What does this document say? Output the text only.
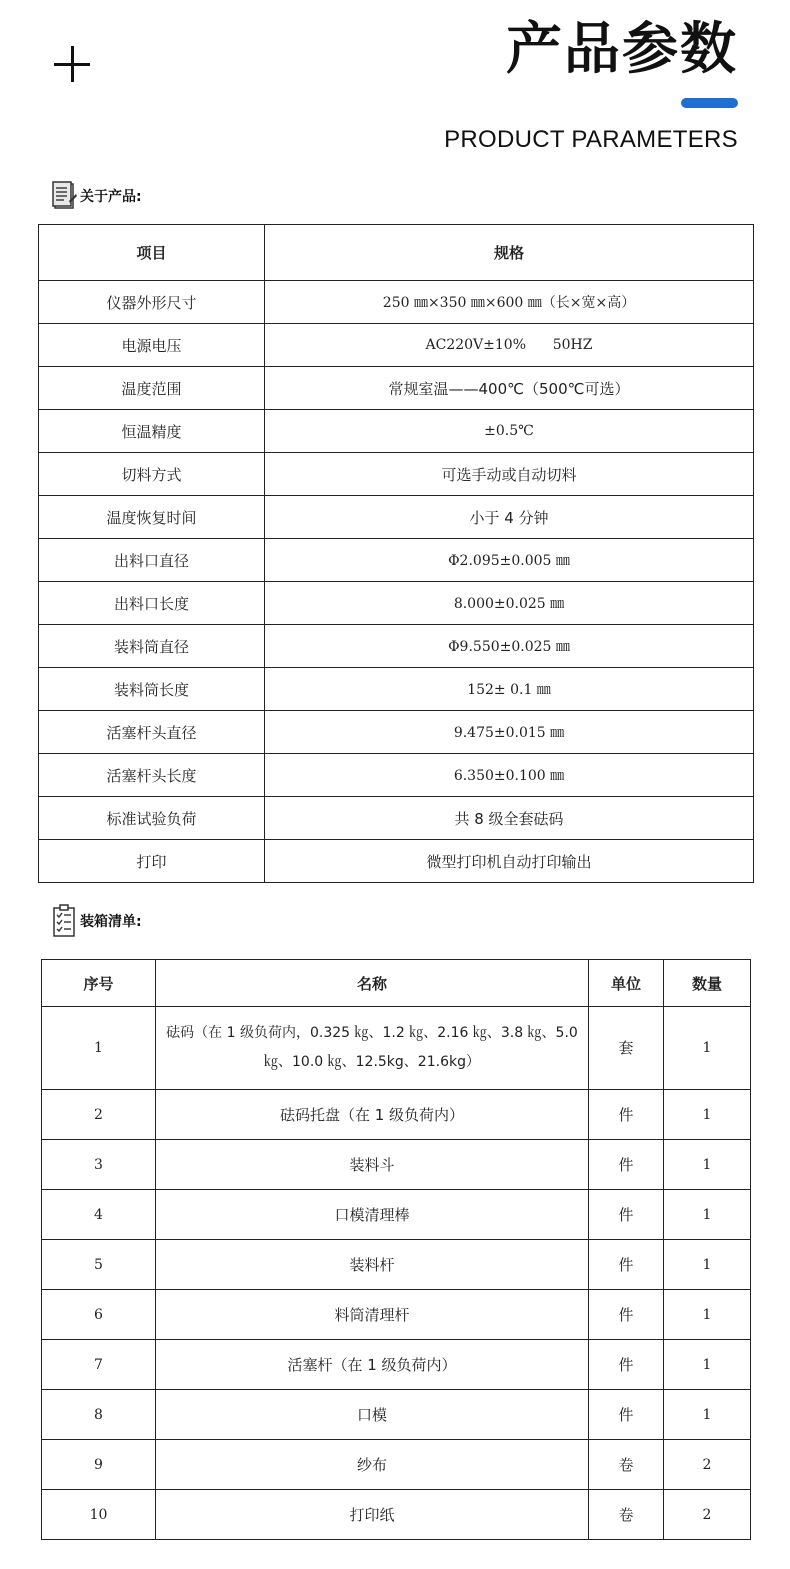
产品参数

PRODUCT PARAMETERS

关于产品:
项目	规格
仪器外形尺寸	250 ㎜×350 ㎜×600 ㎜（长×宽×高）
电源电压	AC220V±10%      50HZ
温度范围	常规室温——400℃（500℃可选）
恒温精度	±0.5℃
切料方式	可选手动或自动切料
温度恢复时间	小于 4 分钟
出料口直径	Φ2.095±0.005 ㎜
出料口长度	8.000±0.025 ㎜
装料筒直径	Φ9.550±0.025 ㎜
装料筒长度	152± 0.1 ㎜
活塞杆头直径	9.475±0.015 ㎜
活塞杆头长度	6.350±0.100 ㎜
标准试验负荷	共 8 级全套砝码
打印	微型打印机自动打印输出
装箱清单:
序号	名称	单位	数量
1	砝码（在 1 级负荷内，0.325 ㎏、1.2 ㎏、2.16 ㎏、3.8 ㎏、5.0 ㎏、10.0 ㎏、12.5kg、21.6kg）	套	1
2	砝码托盘（在 1 级负荷内）	件	1
3	装料斗	件	1
4	口模清理棒	件	1
5	装料杆	件	1
6	料筒清理杆	件	1
7	活塞杆（在 1 级负荷内）	件	1
8	口模	件	1
9	纱布	卷	2
10	打印纸	卷	2
